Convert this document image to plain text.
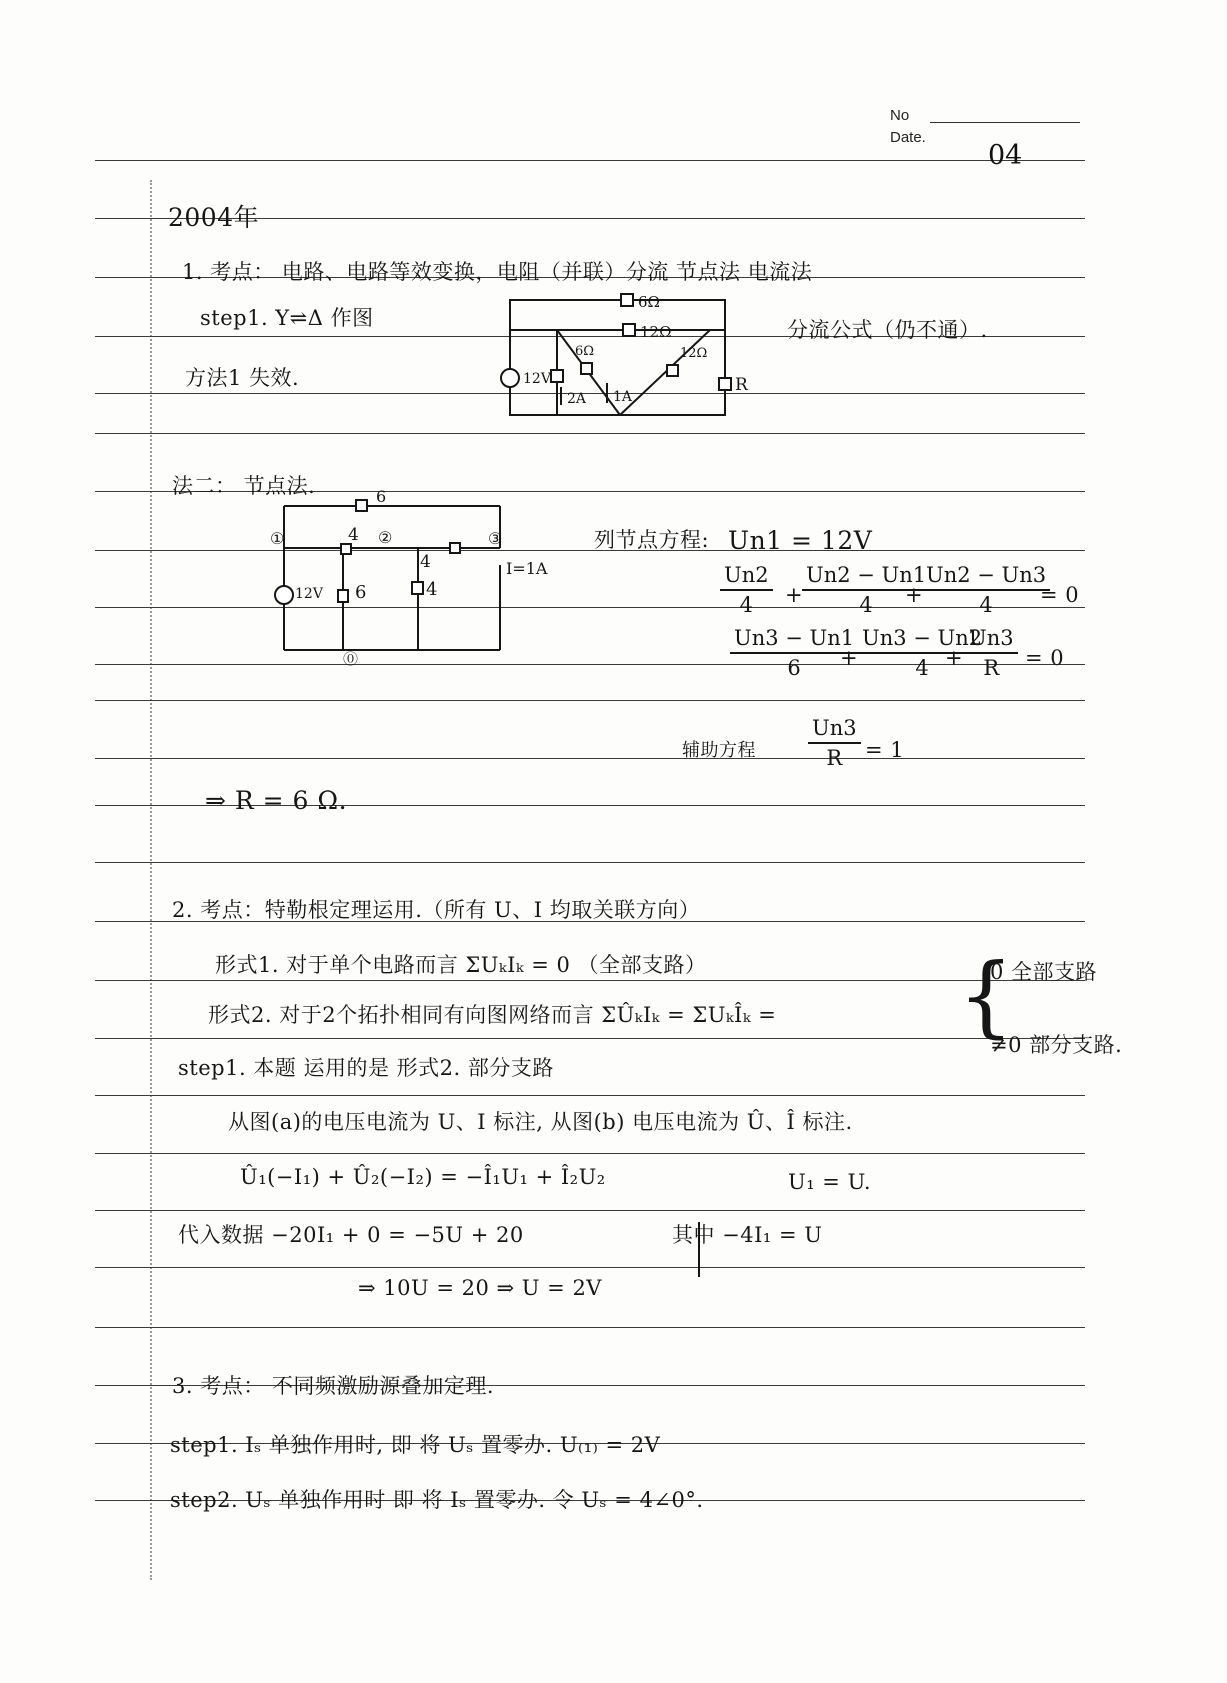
No
Date.
04
2004年
1. 考点： 电路、电路等效变换，电阻（并联）分流 节点法 电流法
step1. Y⇌Δ 作图
方法1 失效.
分流公式（仍不通）.
6Ω
12Ω
6Ω	12Ω
12V
2A 1A
R
法二： 节点法.	6
4
4
①	②	③
⓪
12V 6	4
I=1A
列节点方程: Un1 = 12V
Un2
4	+
Un2 − Un1
4	+
Un2 − Un3
4	= 0
Un3 − Un1
6	+
Un3 − Un2
4 +
Un3
R	= 0
辅助方程
Un3
R	= 1
⇒ R = 6 Ω.
2. 考点：特勒根定理运用.（所有 U、I 均取关联方向）
形式1. 对于单个电路而言 ΣUₖIₖ = 0 （全部支路）
形式2. 对于2个拓扑相同有向图网络而言 ΣÛₖIₖ = ΣUₖÎₖ = {
0 全部支路
≠0 部分支路.
step1. 本题 运用的是 形式2. 部分支路
从图(a)的电压电流为 U、I 标注, 从图(b) 电压电流为 Û、Î 标注.
Û₁(−I₁) + Û₂(−I₂) = −Î₁U₁ + Î₂U₂	U₁ = U.
代入数据 −20I₁ + 0 = −5U + 20	其中 −4I₁ = U
⇒ 10U = 20 ⇒ U = 2V
3. 考点： 不同频激励源叠加定理.
step1. Iₛ 单独作用时, 即 将 Uₛ 置零办. U₍₁₎ = 2V
step2. Uₛ 单独作用时 即 将 Iₛ 置零办. 令 Uₛ = 4∠0°.
